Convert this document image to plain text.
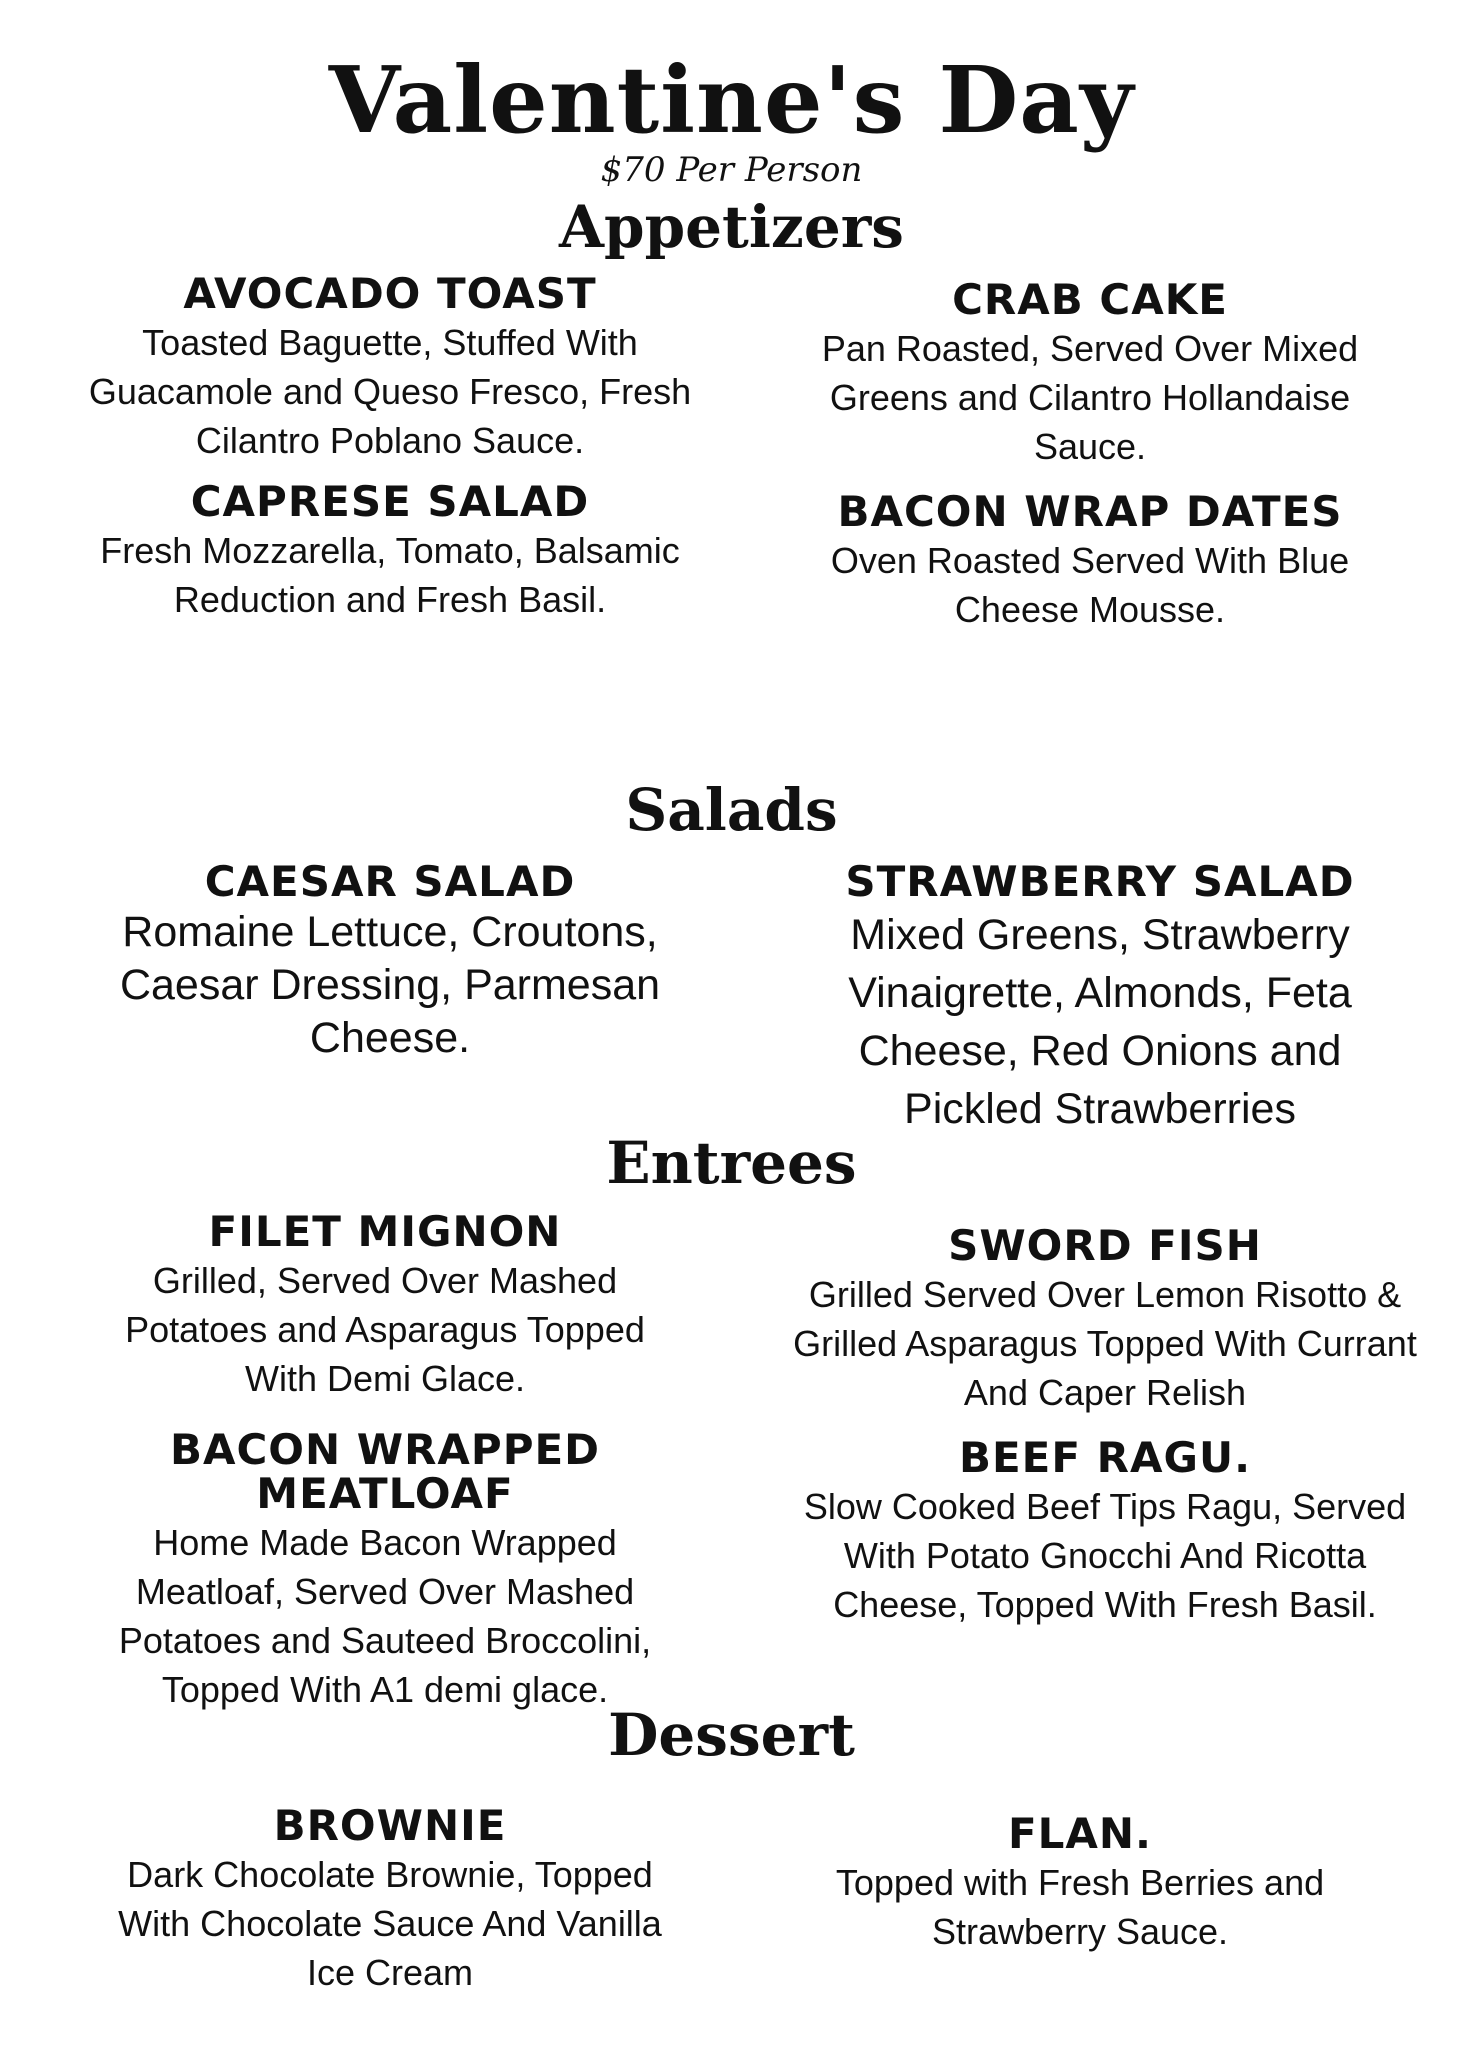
Valentine's Day
$70 Per Person
Appetizers
AVOCADO TOAST
Toasted Baguette, Stuffed With Guacamole and Queso Fresco, Fresh Cilantro Poblano Sauce.
CRAB CAKE
Pan Roasted, Served Over Mixed Greens and Cilantro Hollandaise Sauce.
CAPRESE SALAD
Fresh Mozzarella, Tomato, Balsamic Reduction and Fresh Basil.
BACON WRAP DATES
Oven Roasted Served With Blue Cheese Mousse.
Salads
CAESAR SALAD
Romaine Lettuce, Croutons, Caesar Dressing, Parmesan Cheese.
STRAWBERRY SALAD
Mixed Greens, Strawberry Vinaigrette, Almonds, Feta Cheese, Red Onions and Pickled Strawberries
Entrees
FILET MIGNON
Grilled, Served Over Mashed Potatoes and Asparagus Topped With Demi Glace.
SWORD FISH
Grilled Served Over Lemon Risotto & Grilled Asparagus Topped With Currant And Caper Relish
BACON WRAPPED MEATLOAF
Home Made Bacon Wrapped Meatloaf, Served Over Mashed Potatoes and Sauteed Broccolini, Topped With A1 demi glace.
BEEF RAGU.
Slow Cooked Beef Tips Ragu, Served With Potato Gnocchi And Ricotta Cheese, Topped With Fresh Basil.
Dessert
BROWNIE
Dark Chocolate Brownie, Topped With Chocolate Sauce And Vanilla Ice Cream
FLAN.
Topped with Fresh Berries and Strawberry Sauce.
